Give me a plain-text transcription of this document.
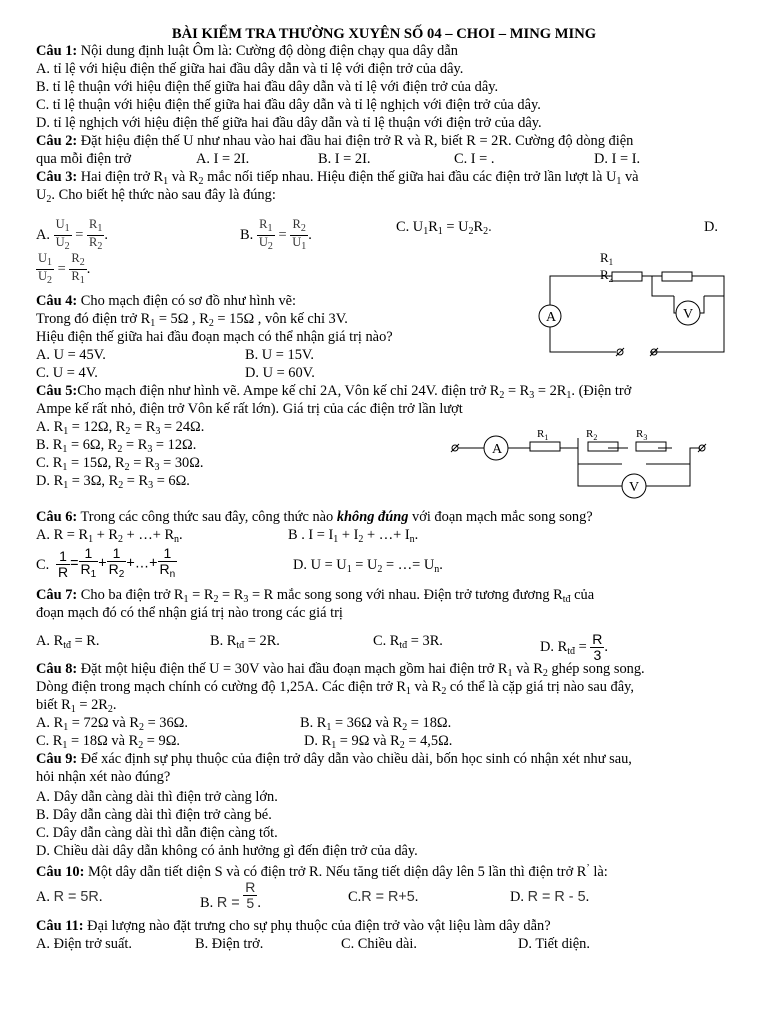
BÀI KIỂM TRA THƯỜNG XUYÊN SỐ 04 – CHOI – MING MING
Câu 1: Nội dung định luật Ôm là: Cường độ dòng điện chạy qua dây dẫn
A. tỉ lệ với hiệu điện thế giữa hai đầu dây dẫn và tỉ lệ với điện trở của dây.
B. tỉ lệ thuận với hiệu điện thế giữa hai đầu dây dẫn và tỉ lệ với điện trở của dây.
C. tỉ lệ thuận với hiệu điện thế giữa hai đầu dây dẫn và tỉ lệ nghịch với điện trở của dây.
D. tỉ lệ nghịch với hiệu điện thế giữa hai đầu dây dẫn và tỉ lệ thuận với điện trở của dây.
Câu 2: Đặt hiệu điện thế U như nhau vào hai đầu hai điện trở R và R, biết R = 2R. Cường độ dòng điện
qua mỗi điện trở	A. I = 2I.	B. I = 2I.	C. I = .	D. I = I.
Câu 3: Hai điện trở $R_1$ và $R_2$ mắc nối tiếp nhau. Hiệu điện thế giữa hai đầu các điện trở lần lượt là $U_1$ và
$U_2$. Cho biết hệ thức nào sau đây là đúng:
A. $\frac{U_1}{U_2} = \frac{R_1}{R_2}$ .	B. $\frac{R_1}{U_2} = \frac{R_2}{U_1}$ .	C. $U_1R_1 = U_2R_2$.	D.
$\frac{U_1}{U_2} = \frac{R_2}{R_1}$ .
Câu 4: Cho mạch điện có sơ đồ như hình vẽ:
Trong đó điện trở $R_1 = 5\Omega$ , $R_2 = 15\Omega$ , vôn kế chỉ 3V.
Hiệu điện thế giữa hai đầu đoạn mạch có thể nhận giá trị nào?
A. U = 45V.	B. U = 15V.
C. U = 4V.	D. U = 60V.
A	V
$R_1$
$R_2$
Câu 5:Cho mạch điện như hình vẽ. Ampe kế chỉ 2A, Vôn kế chỉ 24V. điện trở $R_2 = R_3 = 2R_1$. (Điện trở
Ampe kế rất nhỏ, điện trở Vôn kế rất lớn). Giá trị của các điện trở lần lượt
A. $R_1 = 12\Omega$, $R_2 = R_3 = 24\Omega$.
B. $R_1 = 6\Omega$, $R_2 = R_3 = 12\Omega$.
C. $R_1 = 15\Omega$, $R_2 = R_3 = 30\Omega$.
D. $R_1 = 3\Omega$, $R_2 = R_3 = 6\Omega$.
A
V
$R_1$	$R_2$	$R_3$
Câu 6: Trong các công thức sau đây, công thức nào không đúng với đoạn mạch mắc song song?
A. $R = R_1 + R_2$ + …+ $R_n$.	B . $I = I_1 + I_2$ + …+ $I_n$.
C. $\frac{1}{R} = \frac{1}{R_1} + \frac{1}{R_2}$ +…+ $\frac{1}{R_n}$	D. $U = U_1 = U_2$ = …= $U_n$.
Câu 7: Cho ba điện trở $R_1 = R_2 = R_3 = R$ mắc song song với nhau. Điện trở tương đương $R_{tđ}$ của
đoạn mạch đó có thể nhận giá trị nào trong các giá trị
A. $R_{tđ} = R$.	B. $R_{tđ} = 2R$.	C. $R_{tđ} = 3R$.	D. $R_{tđ} = \frac{R}{3}$ .
Câu 8: Đặt một hiệu điện thế U = 30V vào hai đầu đoạn mạch gồm hai điện trở $R_1$ và $R_2$ ghép song song.
Dòng điện trong mạch chính có cường độ 1,25A. Các điện trở $R_1$ và $R_2$ có thể là cặp giá trị nào sau đây,
biết $R_1 = 2R_2$.
A. $R_1 = 72\Omega$ và $R_2 = 36\Omega$.	B. $R_1 = 36\Omega$ và $R_2 = 18\Omega$.
C. $R_1 = 18\Omega$ và $R_2 = 9\Omega$.	D. $R_1 = 9\Omega$ và $R_2 = 4,5\Omega$.
Câu 9: Để xác định sự phụ thuộc của điện trở dây dẫn vào chiều dài, bốn học sinh có nhận xét như sau,
hỏi nhận xét nào đúng?
A. Dây dẫn càng dài thì điện trở càng lớn.
B. Dây dẫn càng dài thì điện trở càng bé.
C. Dây dẫn càng dài thì dẫn điện càng tốt.
D. Chiều dài dây dẫn không có ảnh hưởng gì đến điện trở của dây.
Câu 10: Một dây dẫn tiết diện S và có điện trở R. Nếu tăng tiết diện dây lên 5 lần thì điện trở R’ là:
A. R = 5R.	B. $R = \frac{R}{5}$ .	C.R = R+5.	D. R = R - 5.
Câu 11: Đại lượng nào đặt trưng cho sự phụ thuộc của điện trở vào vật liệu làm dây dẫn?
A. Điện trở suất.	B. Điện trở.	C. Chiều dài.	D. Tiết diện.
